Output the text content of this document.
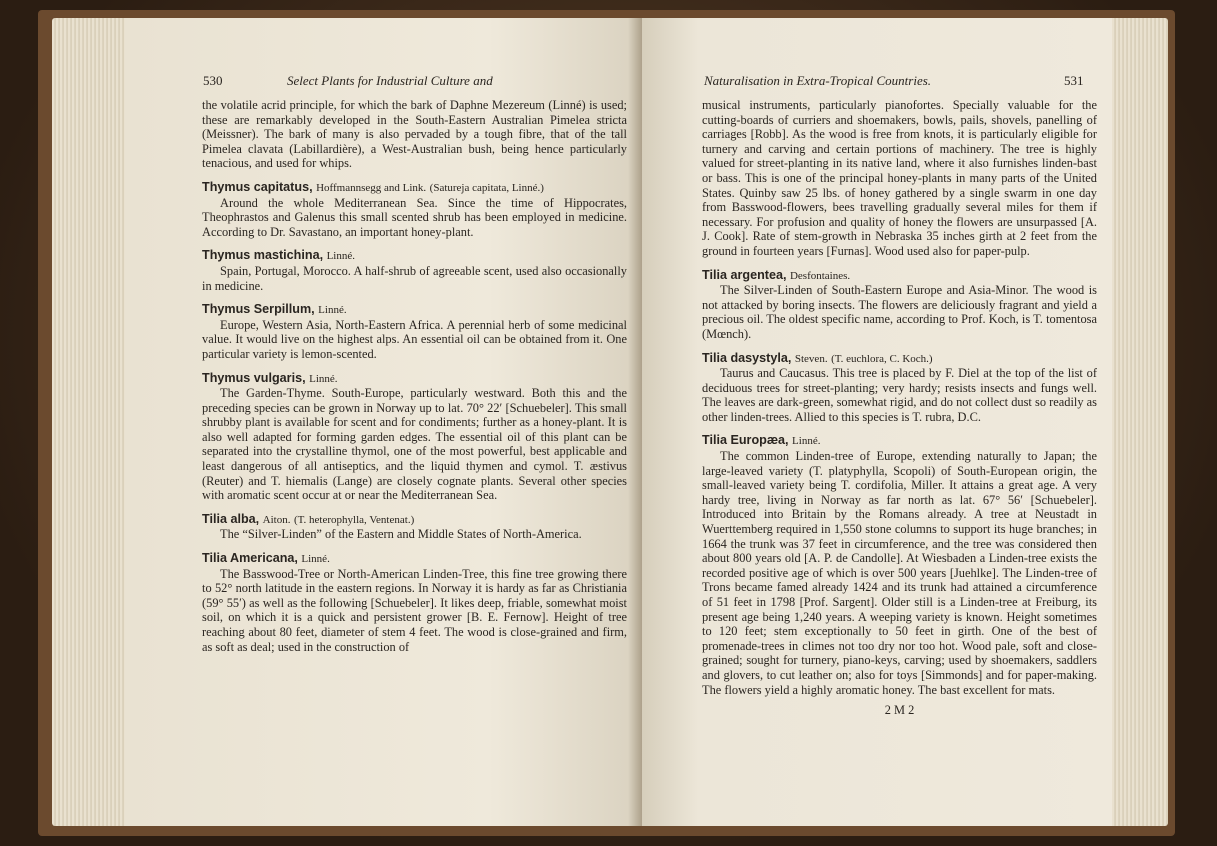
530	Select Plants for Industrial Culture and

the volatile acrid principle, for which the bark of Daphne Mezereum (Linné) is used; these are remarkably developed in the South-Eastern Australian Pimelea stricta (Meissner). The bark of many is also pervaded by a tough fibre, that of the tall Pimelea clavata (Labillardière), a West-Australian bush, being hence particularly tenacious, and used for whips.

Thymus capitatus, Hoffmannsegg and Link. (Satureja capitata, Linné.)

Around the whole Mediterranean Sea. Since the time of Hippocrates, Theophrastos and Galenus this small scented shrub has been employed in medicine. According to Dr. Savastano, an important honey-plant.

Thymus mastichina, Linné.

Spain, Portugal, Morocco. A half-shrub of agreeable scent, used also occasionally in medicine.

Thymus Serpillum, Linné.

Europe, Western Asia, North-Eastern Africa. A perennial herb of some medicinal value. It would live on the highest alps. An essential oil can be obtained from it. One particular variety is lemon-scented.

Thymus vulgaris, Linné.

The Garden-Thyme. South-Europe, particularly westward. Both this and the preceding species can be grown in Norway up to lat. 70° 22′ [Schuebeler]. This small shrubby plant is available for scent and for condiments; further as a honey-plant. It is also well adapted for forming garden edges. The essential oil of this plant can be separated into the crystalline thymol, one of the most powerful, best applicable and least dangerous of all antiseptics, and the liquid thymen and cymol. T. æstivus (Reuter) and T. hiemalis (Lange) are closely cognate plants. Several other species with aromatic scent occur at or near the Mediterranean Sea.

Tilia alba, Aiton. (T. heterophylla, Ventenat.)

The “Silver-Linden” of the Eastern and Middle States of North-America.

Tilia Americana, Linné.

The Basswood-Tree or North-American Linden-Tree, this fine tree growing there to 52° north latitude in the eastern regions. In Norway it is hardy as far as Christiania (59° 55′) as well as the following [Schuebeler]. It likes deep, friable, somewhat moist soil, on which it is a quick and persistent grower [B. E. Fernow]. Height of tree reaching about 80 feet, diameter of stem 4 feet. The wood is close-grained and firm, as soft as deal; used in the construction of

Naturalisation in Extra-Tropical Countries.	531

musical instruments, particularly pianofortes. Specially valuable for the cutting-boards of curriers and shoemakers, bowls, pails, shovels, panelling of carriages [Robb]. As the wood is free from knots, it is particularly eligible for turnery and carving and certain portions of machinery. The tree is highly valued for street-planting in its native land, where it also furnishes linden-bast or bass. This is one of the principal honey-plants in many parts of the United States. Quinby saw 25 lbs. of honey gathered by a single swarm in one day from Basswood-flowers, bees travelling gradually several miles for them if necessary. For profusion and quality of honey the flowers are unsurpassed [A. J. Cook]. Rate of stem-growth in Nebraska 35 inches girth at 2 feet from the ground in fourteen years [Furnas]. Wood used also for paper-pulp.

Tilia argentea, Desfontaines.

The Silver-Linden of South-Eastern Europe and Asia-Minor. The wood is not attacked by boring insects. The flowers are deliciously fragrant and yield a precious oil. The oldest specific name, according to Prof. Koch, is T. tomentosa (Mœnch).

Tilia dasystyla, Steven. (T. euchlora, C. Koch.)

Taurus and Caucasus. This tree is placed by F. Diel at the top of the list of deciduous trees for street-planting; very hardy; resists insects and fungs well. The leaves are dark-green, somewhat rigid, and do not collect dust so readily as other linden-trees. Allied to this species is T. rubra, D.C.

Tilia Europæa, Linné.

The common Linden-tree of Europe, extending naturally to Japan; the large-leaved variety (T. platyphylla, Scopoli) of South-European origin, the small-leaved variety being T. cordifolia, Miller. It attains a great age. A very hardy tree, living in Norway as far north as lat. 67° 56′ [Schuebeler]. Introduced into Britain by the Romans already. A tree at Neustadt in Wuerttemberg required in 1,550 stone columns to support its huge branches; in 1664 the trunk was 37 feet in circumference, and the tree was considered then about 800 years old [A. P. de Candolle]. At Wiesbaden a Linden-tree exists the recorded positive age of which is over 500 years [Juehlke]. The Linden-tree of Trons became famed already 1424 and its trunk had attained a circumference of 51 feet in 1798 [Prof. Sargent]. Older still is a Linden-tree at Freiburg, its present age being 1,240 years. A weeping variety is known. Height sometimes to 120 feet; stem exceptionally to 50 feet in girth. One of the best of promenade-trees in climes not too dry nor too hot. Wood pale, soft and close-grained; sought for turnery, piano-keys, carving; used by shoemakers, saddlers and glovers, to cut leather on; also for toys [Simmonds] and for paper-making. The flowers yield a highly aromatic honey. The bast excellent for mats.

2 M 2
